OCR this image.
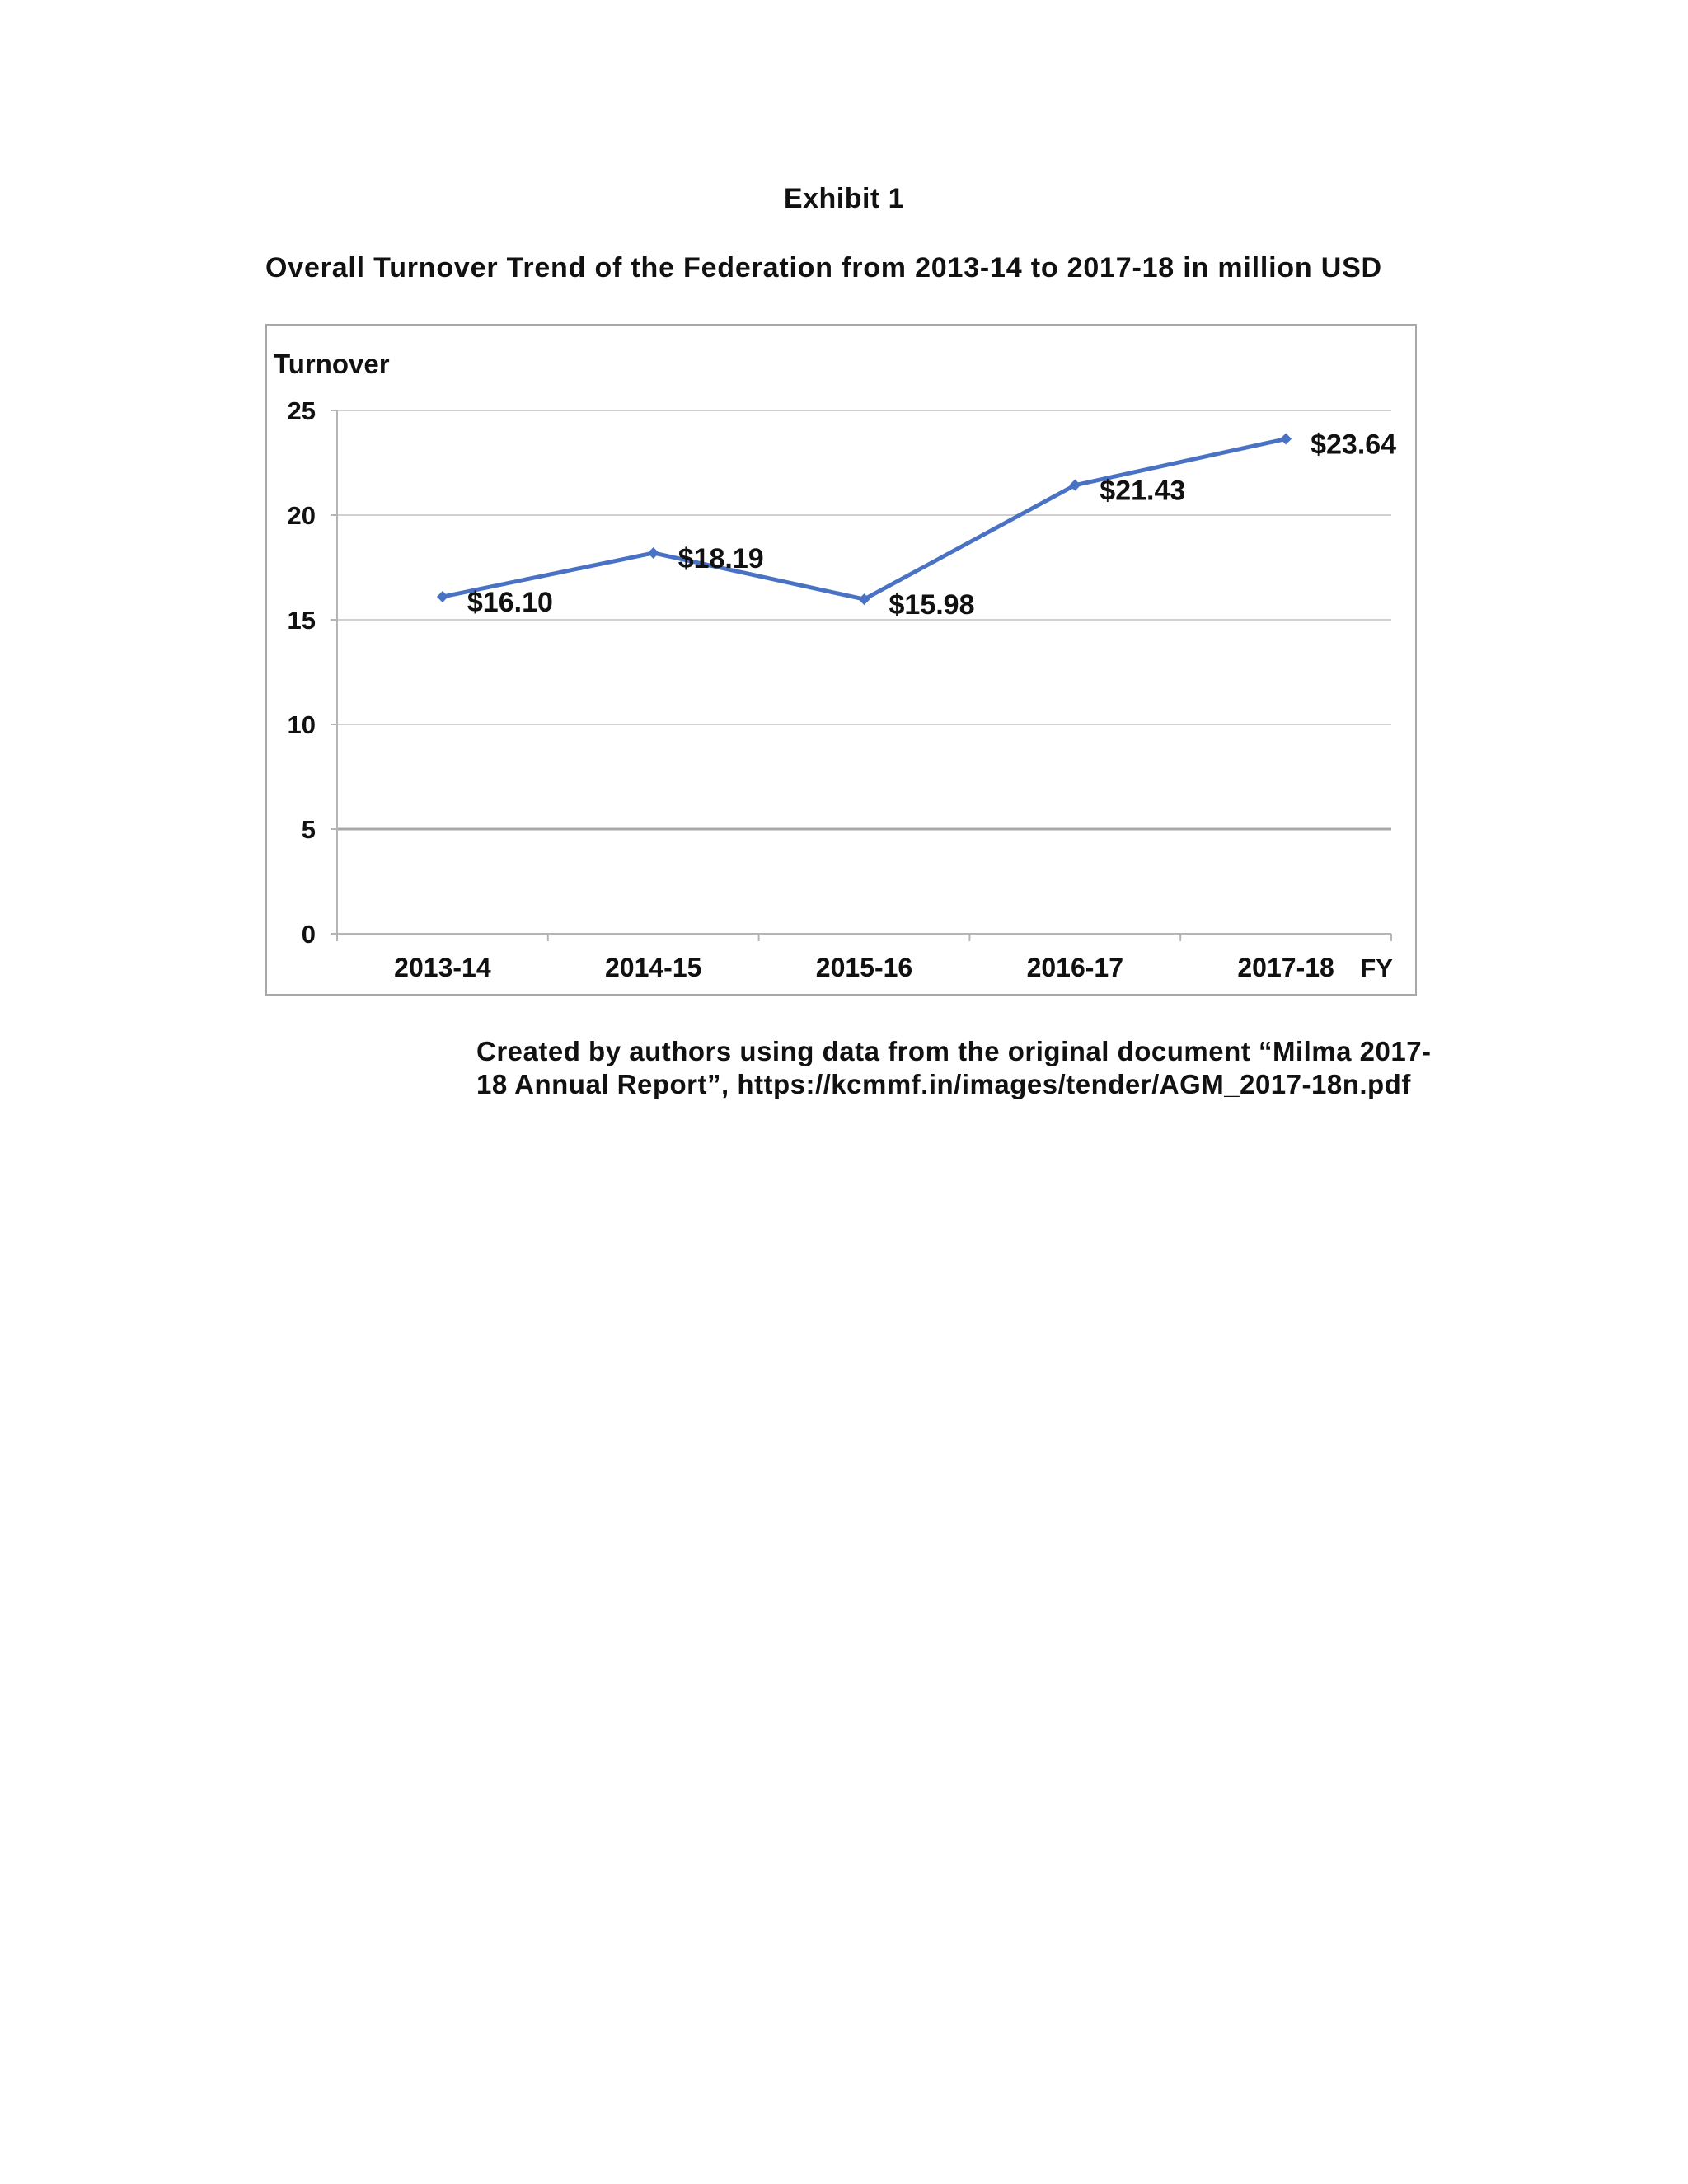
Exhibit 1
Overall Turnover Trend of the Federation from 2013-14 to 2017-18 in million USD
0
5
10
15
20
25
2013-14	2014-15	2015-16	2016-17	2017-18
$16.10
$18.19
$15.98
$21.43
$23.64
Turnover
FY
Created by authors using data from the original document “Milma 2017-
18 Annual Report”, https://kcmmf.in/images/tender/AGM_2017-18n.pdf
